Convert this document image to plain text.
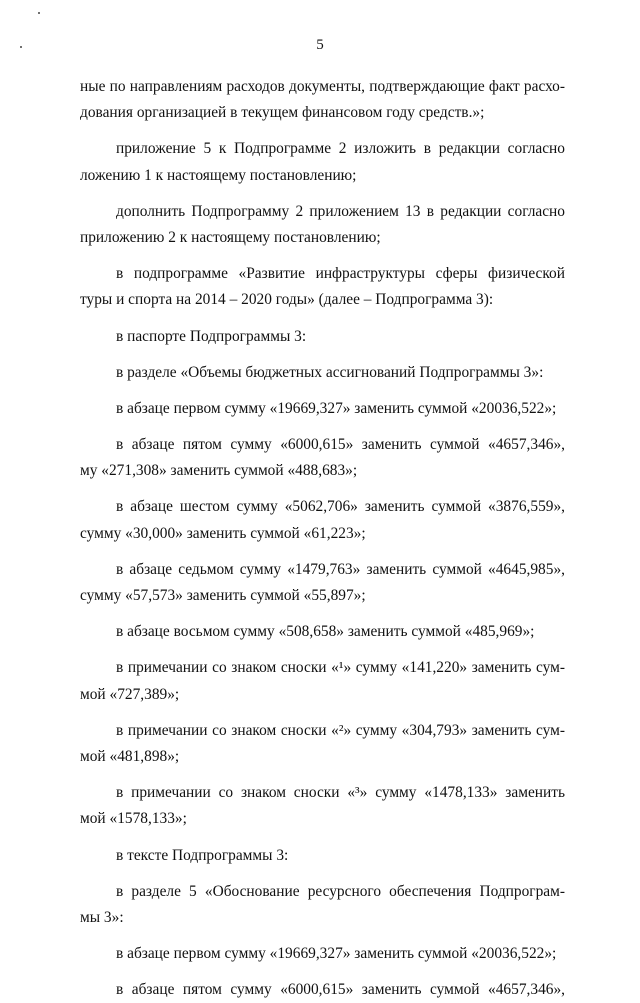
5
ные по направлениям расходов документы, подтверждающие факт расхо-
дования организацией в текущем финансовом году средств.»;
приложение 5 к Подпрограмме 2 изложить в редакции согласно
ложению 1 к настоящему постановлению;
дополнить Подпрограмму 2 приложением 13 в редакции согласно
приложению 2 к настоящему постановлению;
в подпрограмме «Развитие инфраструктуры сферы физической
туры и спорта на 2014 – 2020 годы» (далее – Подпрограмма 3):
в паспорте Подпрограммы 3:
в разделе «Объемы бюджетных ассигнований Подпрограммы 3»:
в абзаце первом сумму «19669,327» заменить суммой «20036,522»;
в абзаце пятом сумму «6000,615» заменить суммой «4657,346»,
му «271,308» заменить суммой «488,683»;
в абзаце шестом сумму «5062,706» заменить суммой «3876,559»,
сумму «30,000» заменить суммой «61,223»;
в абзаце седьмом сумму «1479,763» заменить суммой «4645,985»,
сумму «57,573» заменить суммой «55,897»;
в абзаце восьмом сумму «508,658» заменить суммой «485,969»;
в примечании со знаком сноски «¹» сумму «141,220» заменить сум-
мой «727,389»;
в примечании со знаком сноски «²» сумму «304,793» заменить сум-
мой «481,898»;
в примечании со знаком сноски «³» сумму «1478,133» заменить
мой «1578,133»;
в тексте Подпрограммы 3:
в разделе 5 «Обоснование ресурсного обеспечения Подпрограм-
мы 3»:
в абзаце первом сумму «19669,327» заменить суммой «20036,522»;
в абзаце пятом сумму «6000,615» заменить суммой «4657,346»,
